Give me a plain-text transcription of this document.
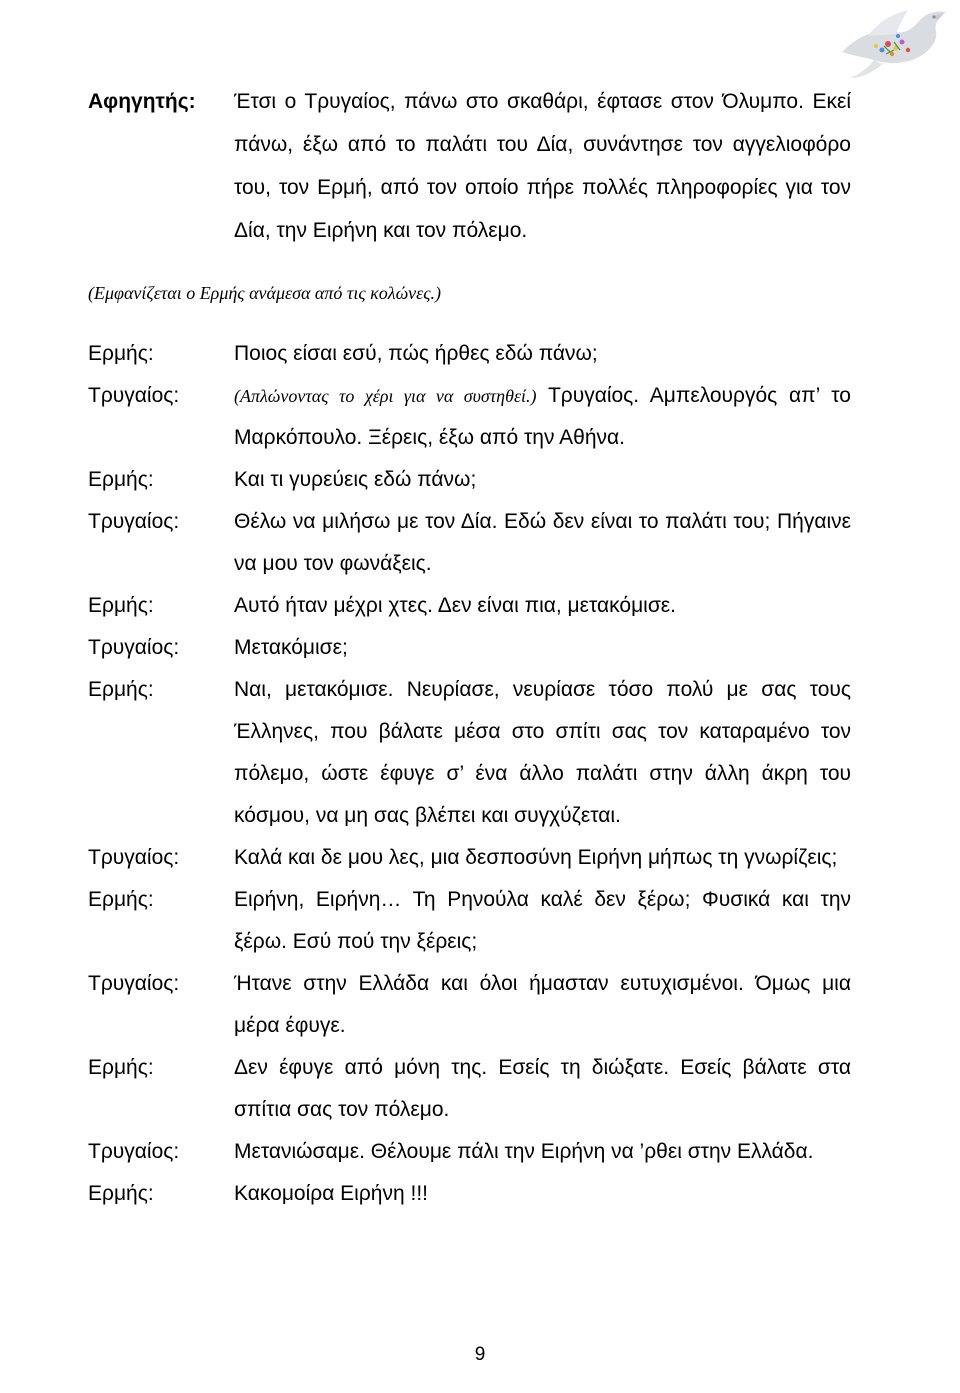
Αφηγητής: Έτσι ο Τρυγαίος, πάνω στο σκαθάρι, έφτασε στον Όλυμπο. Εκεί πάνω, έξω από το παλάτι του Δία, συνάντησε τον αγγελιοφόρο του, τον Ερμή, από τον οποίο πήρε πολλές πληροφορίες για τον Δία, την Ειρήνη και τον πόλεμο.
(Εμφανίζεται ο Ερμής ανάμεσα από τις κολώνες.)
Ερμής:	Ποιος είσαι εσύ, πώς ήρθες εδώ πάνω;
Τρυγαίος:	(Απλώνοντας το χέρι για να συστηθεί.) Τρυγαίος. Αμπελουργός απ’ το Μαρκόπουλο. Ξέρεις, έξω από την Αθήνα.
Ερμής:	Και τι γυρεύεις εδώ πάνω;
Τρυγαίος:	Θέλω να μιλήσω με τον Δία. Εδώ δεν είναι το παλάτι του; Πήγαινε να μου τον φωνάξεις.
Ερμής:	Αυτό ήταν μέχρι χτες. Δεν είναι πια, μετακόμισε.
Τρυγαίος:	Μετακόμισε;
Ερμής:	Ναι, μετακόμισε. Νευρίασε, νευρίασε τόσο πολύ με σας τους Έλληνες, που βάλατε μέσα στο σπίτι σας τον καταραμένο τον πόλεμο, ώστε έφυγε σ’ ένα άλλο παλάτι στην άλλη άκρη του κόσμου, να μη σας βλέπει και συγχύζεται.
Τρυγαίος:	Καλά και δε μου λες, μια δεσποσύνη Ειρήνη μήπως τη γνωρίζεις;
Ερμής:	Ειρήνη, Ειρήνη… Τη Ρηνούλα καλέ δεν ξέρω; Φυσικά και την ξέρω. Εσύ πού την ξέρεις;
Τρυγαίος:	Ήτανε στην Ελλάδα και όλοι ήμασταν ευτυχισμένοι. Όμως μια μέρα έφυγε.
Ερμής:	Δεν έφυγε από μόνη της. Εσείς τη διώξατε. Εσείς βάλατε στα σπίτια σας τον πόλεμο.
Τρυγαίος:	Μετανιώσαμε. Θέλουμε πάλι την Ειρήνη να ’ρθει στην Ελλάδα.
Ερμής:	Κακομοίρα Ειρήνη !!!
9
